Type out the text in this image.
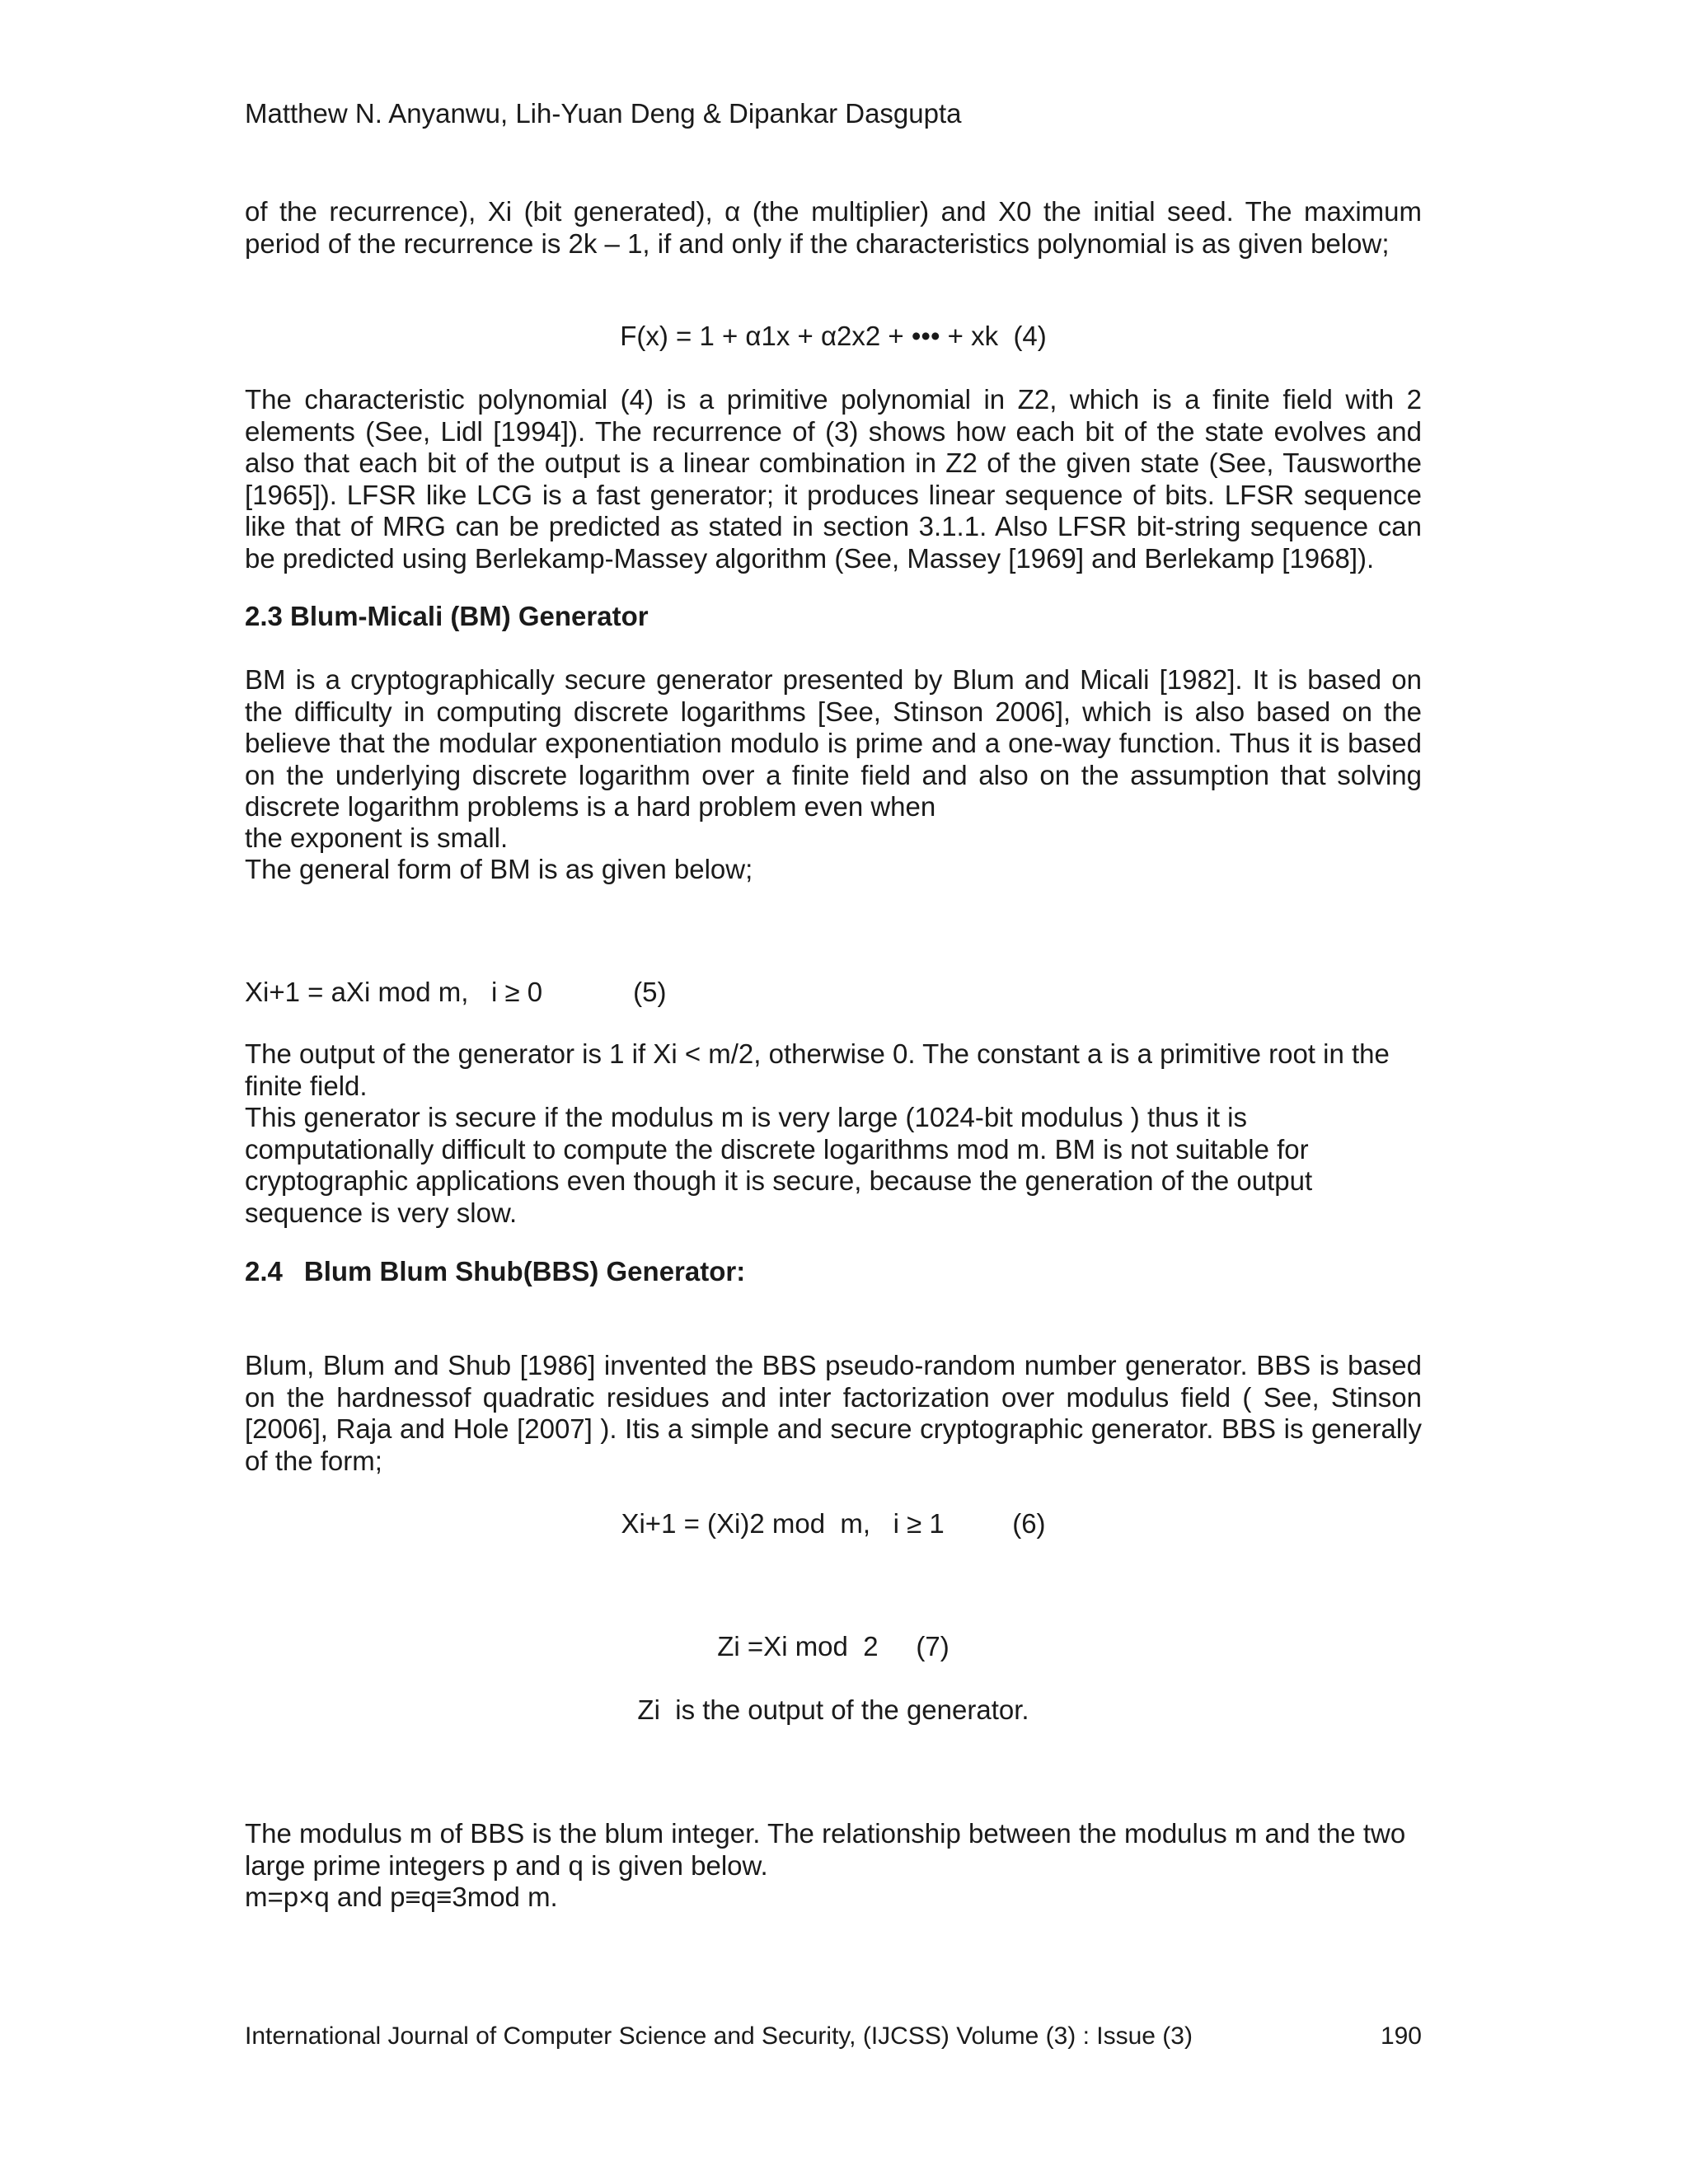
Matthew N. Anyanwu, Lih-Yuan Deng & Dipankar Dasgupta

of the recurrence), Xi (bit generated), α (the multiplier) and X0 the initial seed. The maximum period of the recurrence is 2k – 1, if and only if the characteristics polynomial is as given below;

F(x) = 1 + α1x + α2x2 + ••• + xk  (4)

The characteristic polynomial (4) is a primitive polynomial in Z2, which is a finite field with 2 elements (See, Lidl [1994]). The recurrence of (3) shows how each bit of the state evolves and also that each bit of the output is a linear combination in Z2 of the given state (See, Tausworthe [1965]). LFSR like LCG is a fast generator; it produces linear sequence of bits. LFSR sequence like that of MRG can be predicted as stated in section 3.1.1. Also LFSR bit-string sequence can be predicted using Berlekamp-Massey algorithm (See, Massey [1969] and Berlekamp [1968]).

2.3 Blum-Micali (BM) Generator

BM is a cryptographically secure generator presented by Blum and Micali [1982]. It is based on the difficulty in computing discrete logarithms [See, Stinson 2006], which is also based on the believe that the modular exponentiation modulo is prime and a one-way function. Thus it is based on the underlying discrete logarithm over a finite field and also on the assumption that solving discrete logarithm problems is a hard problem even when

the exponent is small.
The general form of BM is as given below;
Xi+1 = aXi mod m,   i ≥ 0            (5)
The output of the generator is 1 if Xi < m/2, otherwise 0. The constant a is a primitive root in the finite field.
This generator is secure if the modulus m is very large (1024-bit modulus ) thus it is computationally difficult to compute the discrete logarithms mod m. BM is not suitable for cryptographic applications even though it is secure, because the generation of the output sequence is very slow.
2.4 Blum Blum Shub(BBS) Generator:

Blum, Blum and Shub [1986] invented the BBS pseudo-random number generator. BBS is based on the hardnessof quadratic residues and inter factorization over modulus field ( See, Stinson [2006], Raja and Hole [2007] ). Itis a simple and secure cryptographic generator. BBS is generally of the form;

Xi+1 = (Xi)2 mod  m,   i ≥ 1         (6)
Zi =Xi mod  2     (7)
Zi  is the output of the generator.
The modulus m of BBS is the blum integer. The relationship between the modulus m and the two large prime integers p and q is given below.
m=p×q and p≡q≡3mod m.
International Journal of Computer Science and Security, (IJCSS) Volume (3) : Issue (3)	190
